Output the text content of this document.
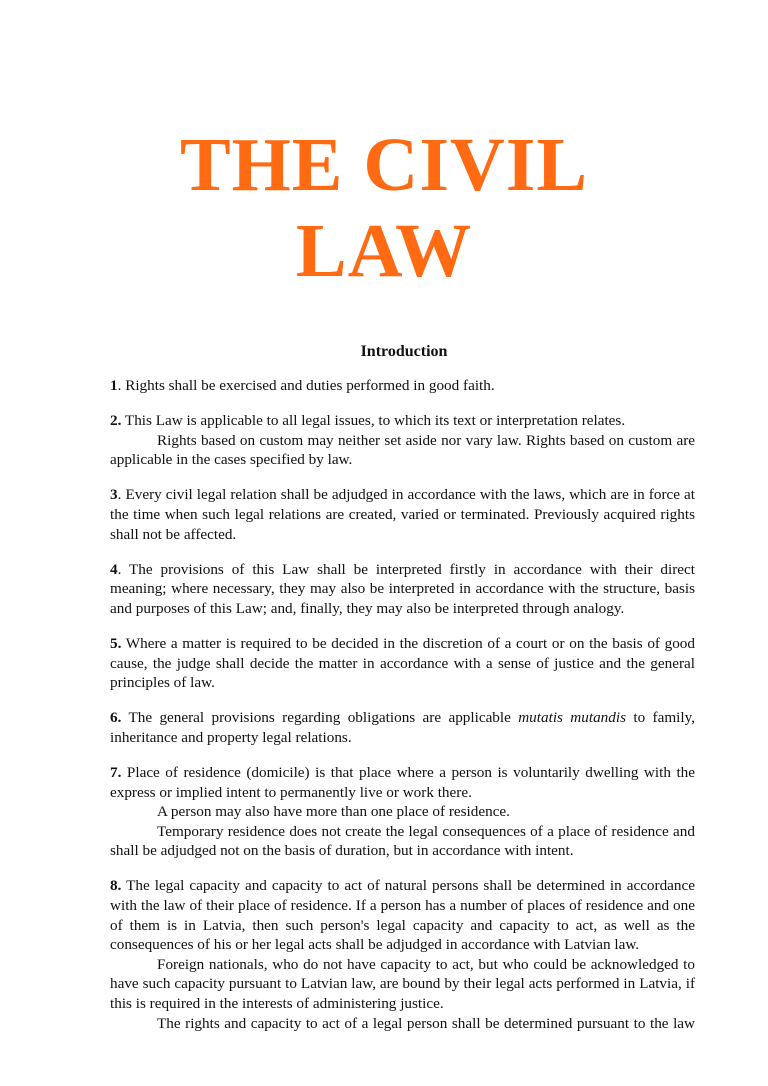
THE CIVIL
LAW
Introduction

1. Rights shall be exercised and duties performed in good faith.

2. This Law is applicable to all legal issues, to which its text or interpretation relates.

Rights based on custom may neither set aside nor vary law. Rights based on custom are applicable in the cases specified by law.

3. Every civil legal relation shall be adjudged in accordance with the laws, which are in force at the time when such legal relations are created, varied or terminated. Previously acquired rights shall not be affected.

4. The provisions of this Law shall be interpreted firstly in accordance with their direct meaning; where necessary, they may also be interpreted in accordance with the structure, basis and purposes of this Law; and, finally, they may also be interpreted through analogy.

5. Where a matter is required to be decided in the discretion of a court or on the basis of good cause, the judge shall decide the matter in accordance with a sense of justice and the general principles of law.

6. The general provisions regarding obligations are applicable mutatis mutandis to family, inheritance and property legal relations.

7. Place of residence (domicile) is that place where a person is voluntarily dwelling with the express or implied intent to permanently live or work there.

A person may also have more than one place of residence.

Temporary residence does not create the legal consequences of a place of residence and shall be adjudged not on the basis of duration, but in accordance with intent.

8. The legal capacity and capacity to act of natural persons shall be determined in accordance with the law of their place of residence. If a person has a number of places of residence and one of them is in Latvia, then such person's legal capacity and capacity to act, as well as the consequences of his or her legal acts shall be adjudged in accordance with Latvian law.

Foreign nationals, who do not have capacity to act, but who could be acknowledged to have such capacity pursuant to Latvian law, are bound by their legal acts performed in Latvia, if this is required in the interests of administering justice.

The rights and capacity to act of a legal person shall be determined pursuant to the law
